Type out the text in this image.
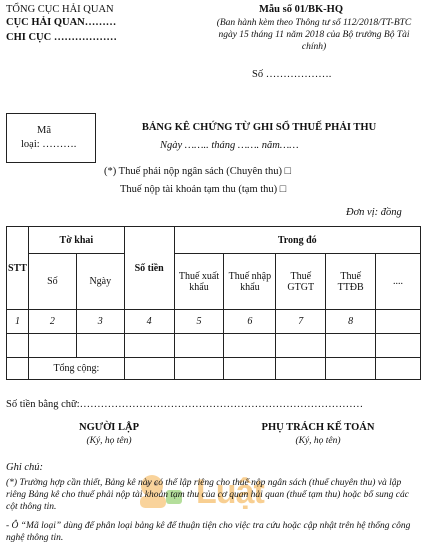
TỔNG CỤC HẢI QUAN
CỤC HẢI QUAN………
CHI CỤC ………………
Mẫu số 01/BK-HQ
(Ban hành kèm theo Thông tư số 112/2018/TT-BTC ngày 15 tháng 11 năm 2018 của Bộ trưởng Bộ Tài chính)
Số ……………….
Mã
loại: ……….
BẢNG KÊ CHỨNG TỪ GHI SỔ THUẾ PHẢI THU
Ngày …….. tháng ……. năm……
(*) Thuế phải nộp ngân sách (Chuyên thu) □
Thuế nộp tài khoản tạm thu (tạm thu) □
Đơn vị: đồng
STT	Tờ khai		Số tiền	Trong đó				
	Số	Ngày		Thuế xuất khẩu	Thuế nhập khẩu	Thuế GTGT	Thuế TTĐB	....
1	2	3	4	5	6	7	8	

	Tổng cộng:							
Số tiền bằng chữ:………………………………………………………………………
NGƯỜI LẬP
(Ký, họ tên)
PHỤ TRÁCH KẾ TOÁN
(Ký, họ tên)
Luật
Ghi chú:
(*) Trường hợp cần thiết, Bảng kê này có thể lập riêng cho thuế nộp ngân sách (thuế chuyên thu) và lập riêng Bảng kê cho thuế phải nộp tài khoản tạm thu của cơ quan hải quan (thuế tạm thu) hoặc bổ sung các cột thông tin.
- Ô “Mã loại” dùng để phân loại bảng kê để thuận tiện cho việc tra cứu hoặc cập nhật trên hệ thống công nghệ thông tin.
